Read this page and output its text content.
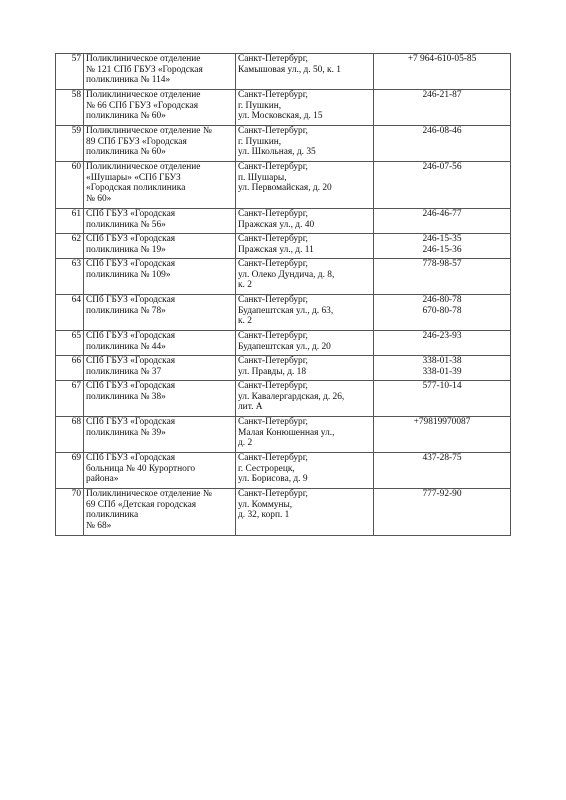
57	Поликлиническое отделение
№ 121 СПб ГБУЗ «Городская
поликлиника № 114»	Санкт-Петербург,
Камышовая ул., д. 50, к. 1	+7 964-610-05-85

58	Поликлиническое отделение
№ 66 СПб ГБУЗ «Городская
поликлиника № 60»	Санкт-Петербург,
г. Пушкин,
ул. Московская, д. 15	246-21-87

59	Поликлиническое отделение №
89 СПб ГБУЗ «Городская
поликлиника № 60»	Санкт-Петербург,
г. Пушкин,
ул. Школьная, д. 35	246-08-46

60	Поликлиническое отделение
«Шушары» «СПб ГБУЗ
«Городская поликлиника
№ 60»	Санкт-Петербург,
п. Шушары,
ул. Первомайская, д. 20	246-07-56

61	СПб ГБУЗ «Городская
поликлиника № 56»	Санкт-Петербург,
Пражская ул., д. 40	246-46-77

62	СПб ГБУЗ «Городская
поликлиника № 19»	Санкт-Петербург,
Пражская ул., д. 11	246-15-35
246-15-36

63	СПб ГБУЗ «Городская
поликлиника № 109»	Санкт-Петербург,
ул. Олеко Дундича, д. 8,
к. 2	778-98-57

64	СПб ГБУЗ «Городская
поликлиника № 78»	Санкт-Петербург,
Будапештская ул., д. 63,
к. 2	246-80-78
670-80-78

65	СПб ГБУЗ «Городская
поликлиника № 44»	Санкт-Петербург,
Будапештская ул., д. 20	246-23-93

66	СПб ГБУЗ «Городская
поликлиника № 37	Санкт-Петербург,
ул. Правды, д. 18	338-01-38
338-01-39

67	СПб ГБУЗ «Городская
поликлиника № 38»	Санкт-Петербург,
ул. Кавалергардская, д. 26,
лит. А	577-10-14

68	СПб ГБУЗ «Городская
поликлиника № 39»	Санкт-Петербург,
Малая Конюшенная ул.,
д. 2	+79819970087

69	СПб ГБУЗ «Городская
больница № 40 Курортного
района»	Санкт-Петербург,
г. Сестрорецк,
ул. Борисова, д. 9	437-28-75

70	Поликлиническое отделение №
69 СПб «Детская городская
поликлиника
№ 68»	Санкт-Петербург,
ул. Коммуны,
д. 32, корп. 1	777-92-90
